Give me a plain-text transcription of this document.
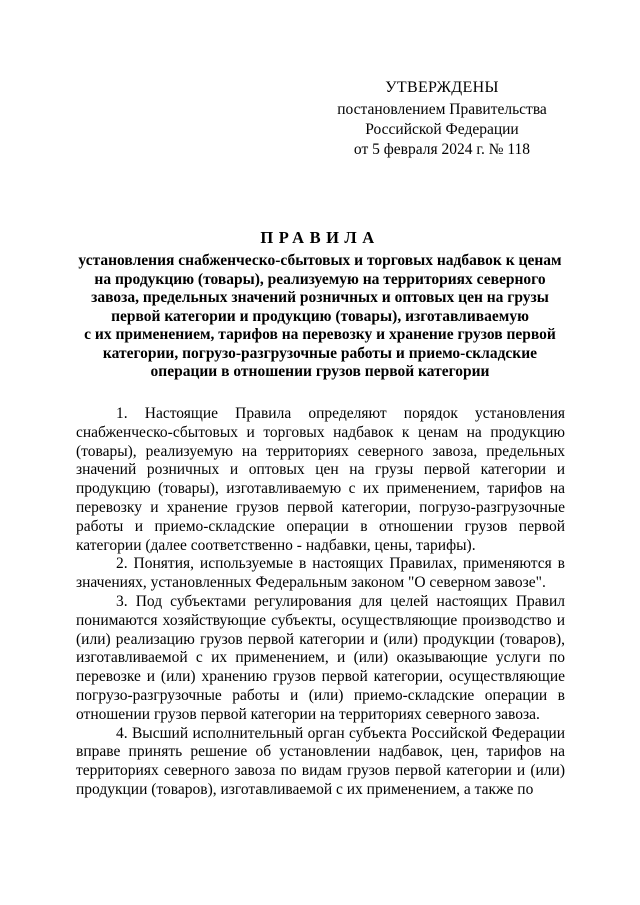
УТВЕРЖДЕНЫ
постановлением Правительства
Российской Федерации
от 5 февраля 2024 г. № 118
ПРАВИЛА
установления снабженческо-сбытовых и торговых надбавок к ценам
на продукцию (товары), реализуемую на территориях северного
завоза, предельных значений розничных и оптовых цен на грузы
первой категории и продукцию (товары), изготавливаемую
с их применением, тарифов на перевозку и хранение грузов первой
категории, погрузо-разгрузочные работы и приемо-складские
операции в отношении грузов первой категории

1. Настоящие Правила определяют порядок установления снабженческо-сбытовых и торговых надбавок к ценам на продукцию (товары), реализуемую на территориях северного завоза, предельных значений розничных и оптовых цен на грузы первой категории и продукцию (товары), изготавливаемую с их применением, тарифов на перевозку и хранение грузов первой категории, погрузо-разгрузочные работы и приемо-складские операции в отношении грузов первой категории (далее соответственно - надбавки, цены, тарифы).

2. Понятия, используемые в настоящих Правилах, применяются в значениях, установленных Федеральным законом "О северном завозе".

3. Под субъектами регулирования для целей настоящих Правил понимаются хозяйствующие субъекты, осуществляющие производство и (или) реализацию грузов первой категории и (или) продукции (товаров), изготавливаемой с их применением, и (или) оказывающие услуги по перевозке и (или) хранению грузов первой категории, осуществляющие погрузо-разгрузочные работы и (или) приемо-складские операции в отношении грузов первой категории на территориях северного завоза.

4. Высший исполнительный орган субъекта Российской Федерации вправе принять решение об установлении надбавок, цен, тарифов на территориях северного завоза по видам грузов первой категории и (или) продукции (товаров), изготавливаемой с их применением, а также по
